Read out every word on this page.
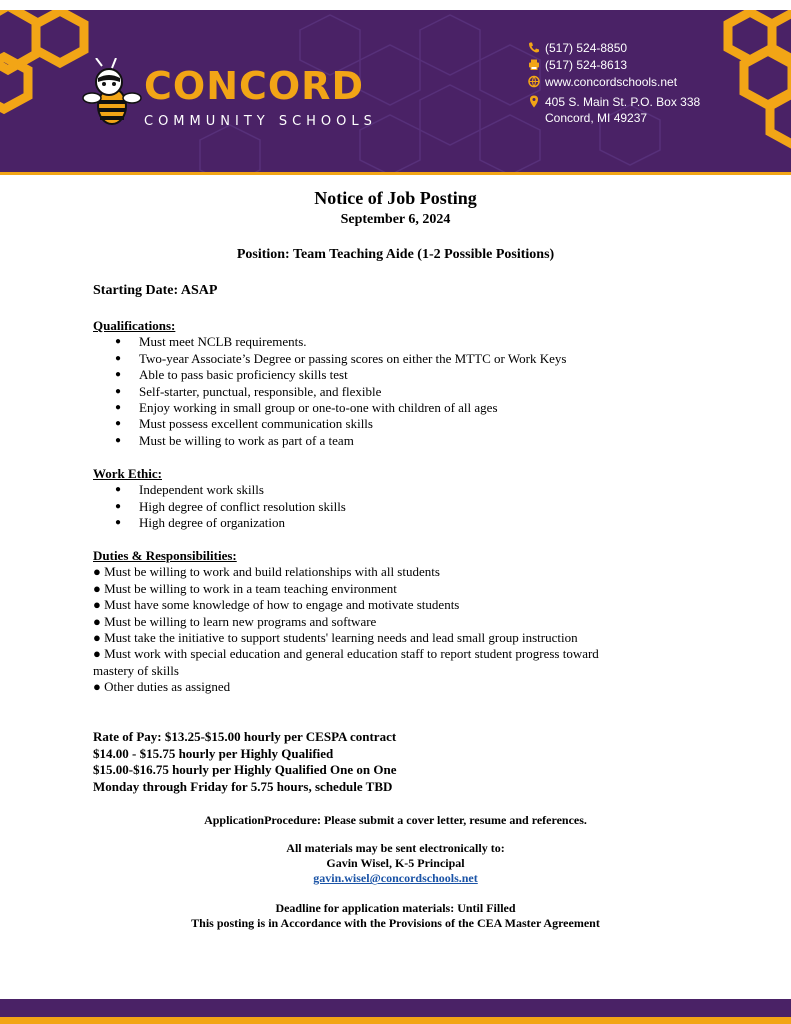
CONCORD
COMMUNITY SCHOOLS
(517) 524-8850
(517) 524-8613
www.concordschools.net
405 S. Main St. P.O. Box 338
Concord, MI 49237
Notice of Job Posting
September 6, 2024
Position: Team Teaching Aide (1-2 Possible Positions)
Starting Date: ASAP
Qualifications:
● Must meet NCLB requirements.
● Two-year Associate’s Degree or passing scores on either the MTTC or Work Keys
● Able to pass basic proficiency skills test
● Self-starter, punctual, responsible, and flexible
● Enjoy working in small group or one-to-one with children of all ages
● Must possess excellent communication skills
● Must be willing to work as part of a team
Work Ethic:
● Independent work skills
● High degree of conflict resolution skills
● High degree of organization
Duties & Responsibilities:

● Must be willing to work and build relationships with all students

● Must be willing to work in a team teaching environment

● Must have some knowledge of how to engage and motivate students

● Must be willing to learn new programs and software

● Must take the initiative to support students' learning needs and lead small group instruction

● Must work with special education and general education staff to report student progress toward mastery of skills

● Other duties as assigned

Rate of Pay: $13.25-$15.00 hourly per CESPA contract
$14.00 - $15.75 hourly per Highly Qualified
$15.00-$16.75 hourly per Highly Qualified One on One
Monday through Friday for 5.75 hours, schedule TBD
ApplicationProcedure: Please submit a cover letter, resume and references.
All materials may be sent electronically to:
Gavin Wisel, K-5 Principal
gavin.wisel@concordschools.net
Deadline for application materials: Until Filled
This posting is in Accordance with the Provisions of the CEA Master Agreement
